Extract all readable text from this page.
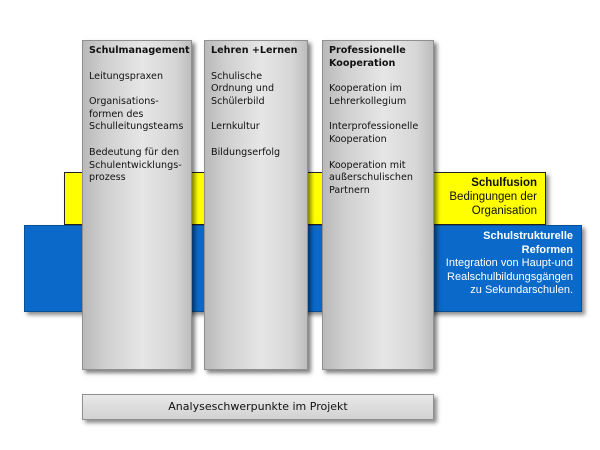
Schulfusion
Bedingungen der
Organisation
Schulstrukturelle
Reformen
Integration von Haupt-und
Realschulbildungsgängen
zu Sekundarschulen.
Schulmanagement
Leitungspraxen
Organisations-
formen des
Schulleitungsteams
Bedeutung für den
Schulentwicklungs-
prozess
Lehren +Lernen
Schulische
Ordnung und
Schülerbild
Lernkultur
Bildungserfolg
Professionelle
Kooperation
Kooperation im
Lehrerkollegium
Interprofessionelle
Kooperation
Kooperation mit
außerschulischen
Partnern
Analyseschwerpunkte im Projekt
